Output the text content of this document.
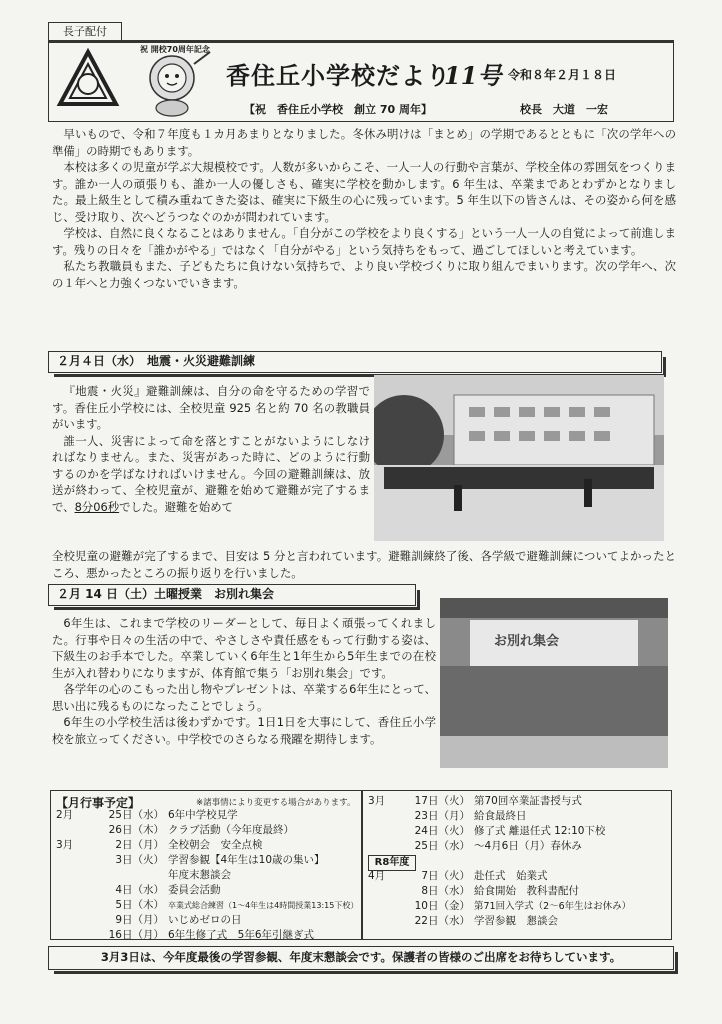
長子配付
祝 開校70周年記念
香住丘小学校だより
11号 令和８年２月１８日
【祝　香住丘小学校　創立 70 周年】	校長　大道　一宏

早いもので、令和７年度も１カ月あまりとなりました。冬休み明けは「まとめ」の学期であるとともに「次の学年への準備」の時期でもあります。

本校は多くの児童が学ぶ大規模校です。人数が多いからこそ、一人一人の行動や言葉が、学校全体の雰囲気をつくります。誰か一人の頑張りも、誰か一人の優しさも、確実に学校を動かします。6 年生は、卒業まであとわずかとなりました。最上級生として積み重ねてきた姿は、確実に下級生の心に残っています。5 年生以下の皆さんは、その姿から何を感じ、受け取り、次へどうつなぐのかが問われています。

学校は、自然に良くなることはありません。「自分がこの学校をより良くする」という一人一人の自覚によって前進します。残りの日々を「誰かがやる」ではなく「自分がやる」という気持ちをもって、過ごしてほしいと考えています。

私たち教職員もまた、子どもたちに負けない気持ちで、より良い学校づくりに取り組んでまいります。次の学年へ、次の１年へと力強くつないでいきます。

２月４日（水）　地震・火災避難訓練

『地震・火災』避難訓練は、自分の命を守るための学習です。香住丘小学校には、全校児童 925 名と約 70 名の教職員がいます。

誰一人、災害によって命を落とすことがないようにしなければなりません。また、災害があった時に、どのように行動するのかを学ばなければいけません。今回の避難訓練は、放送が終わって、全校児童が、避難を始めて避難が完了するまで、8分06秒でした。避難を始めて

全校児童の避難が完了するまで、目安は 5 分と言われています。避難訓練終了後、各学級で避難訓練についてよかったところ、悪かったところの振り返りを行いました。

２月 14 日（土）土曜授業　お別れ集会

6年生は、これまで学校のリーダーとして、毎日よく頑張ってくれました。行事や日々の生活の中で、やさしさや責任感をもって行動する姿は、下級生のお手本でした。卒業していく6年生と1年生から5年生までの在校生が入れ替わりになりますが、体育館で集う「お別れ集会」です。

各学年の心のこもった出し物やプレゼントは、卒業する6年生にとって、思い出に残るものになったことでしょう。

6年生の小学校生活は後わずかです。1日1日を大事にして、香住丘小学校を旅立ってください。中学校でのさらなる飛躍を期待します。

お別れ集会
【月行事予定】	※諸事情により変更する場合があります。
2月	25日（水） 6年中学校見学
26日（木） クラブ活動（今年度最終）
3月	2日（月） 全校朝会　安全点検
3日（火） 学習参観【4年生は10歳の集い】
年度末懇談会
4日（水） 委員会活動
5日（木） 卒業式総合練習（1～4年生は4時間授業13:15下校）
9日（月） いじめゼロの日
16日（月） 6年生修了式　5年6年引継ぎ式
3月	17日（火） 第70回卒業証書授与式
23日（月） 給食最終日
24日（火） 修了式 離退任式 12:10下校
25日（水） ～4月6日（月）春休み
R8年度
4月	7日（火） 赴任式　始業式
8日（水） 給食開始　教科書配付
10日（金） 第71回入学式（2～6年生はお休み）
22日（水） 学習参観　懇談会
3月3日は、今年度最後の学習参観、年度末懇談会です。保護者の皆様のご出席をお待ちしています。
